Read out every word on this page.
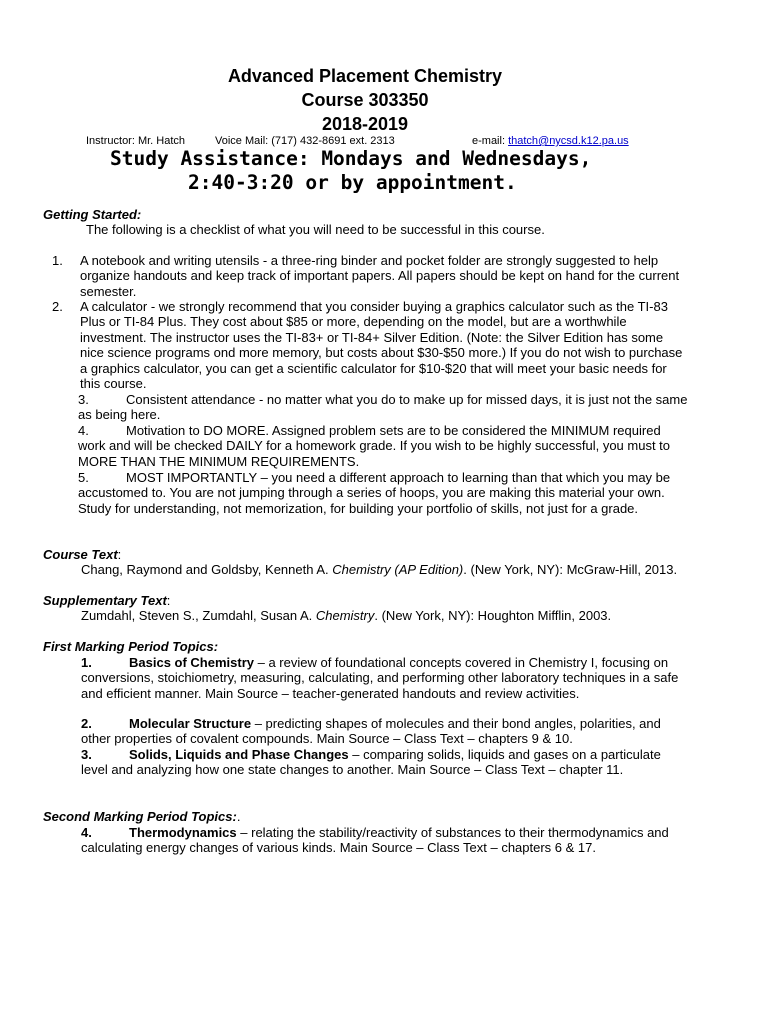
Advanced Placement Chemistry
Course 303350
2018-2019
Instructor: Mr. Hatch	Voice Mail: (717) 432-8691 ext. 2313	e-mail: thatch@nycsd.k12.pa.us
Study Assistance: Mondays and Wednesdays,
2:40-3:20 or by appointment.
Getting Started:
The following is a checklist of what you will need to be successful in this course.
1. A notebook and writing utensils - a three-ring binder and pocket folder are strongly suggested to help organize handouts and keep track of important papers. All papers should be kept on hand for the current semester.
2. A calculator - we strongly recommend that you consider buying a graphics calculator such as the TI-83 Plus or TI-84 Plus. They cost about $85 or more, depending on the model, but are a worthwhile investment. The instructor uses the TI-83+ or TI-84+ Silver Edition. (Note: the Silver Edition has some nice science programs ond more memory, but costs about $30-$50 more.) If you do not wish to purchase a graphics calculator, you can get a scientific calculator for $10-$20 that will meet your basic needs for this course.
3.	Consistent attendance - no matter what you do to make up for missed days, it is just not the same as being here.
4.	Motivation to DO MORE. Assigned problem sets are to be considered the MINIMUM required work and will be checked DAILY for a homework grade. If you wish to be highly successful, you must to MORE THAN THE MINIMUM REQUIREMENTS.
5.	MOST IMPORTANTLY – you need a different approach to learning than that which you may be accustomed to. You are not jumping through a series of hoops, you are making this material your own. Study for understanding, not memorization, for building your portfolio of skills, not just for a grade.
Course Text:
Chang, Raymond and Goldsby, Kenneth A. Chemistry (AP Edition). (New York, NY): McGraw-Hill, 2013.
Supplementary Text:
Zumdahl, Steven S., Zumdahl, Susan A. Chemistry. (New York, NY): Houghton Mifflin, 2003.
First Marking Period Topics:
1.	Basics of Chemistry – a review of foundational concepts covered in Chemistry I, focusing on conversions, stoichiometry, measuring, calculating, and performing other laboratory techniques in a safe and efficient manner. Main Source – teacher-generated handouts and review activities.
2.	Molecular Structure – predicting shapes of molecules and their bond angles, polarities, and other properties of covalent compounds. Main Source – Class Text – chapters 9 & 10.
3.	Solids, Liquids and Phase Changes – comparing solids, liquids and gases on a particulate level and analyzing how one state changes to another. Main Source – Class Text – chapter 11.
Second Marking Period Topics:.
4.	Thermodynamics – relating the stability/reactivity of substances to their thermodynamics and calculating energy changes of various kinds. Main Source – Class Text – chapters 6 & 17.
